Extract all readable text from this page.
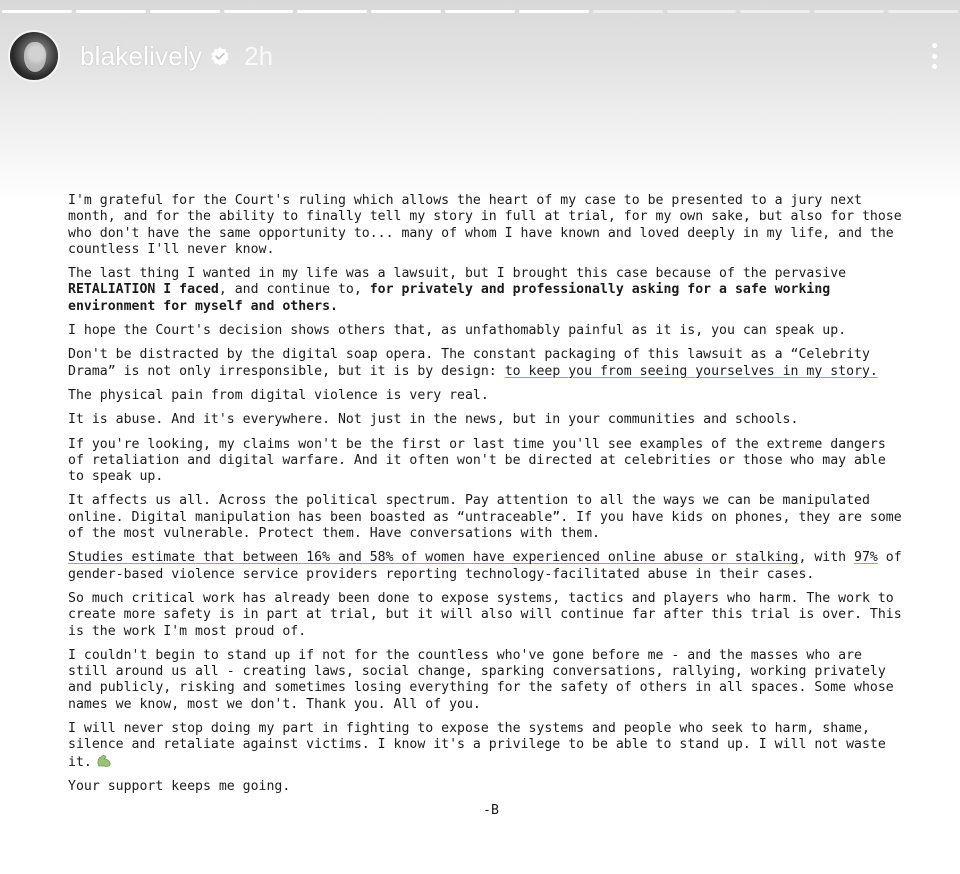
blakelively 2h

I'm grateful for the Court's ruling which allows the heart of my case to be presented to a jury next month, and for the ability to finally tell my story in full at trial, for my own sake, but also for those who don't have the same opportunity to... many of whom I have known and loved deeply in my life, and the countless I'll never know.

The last thing I wanted in my life was a lawsuit, but I brought this case because of the pervasive RETALIATION I faced, and continue to, for privately and professionally asking for a safe working environment for myself and others.

I hope the Court's decision shows others that, as unfathomably painful as it is, you can speak up.

Don't be distracted by the digital soap opera. The constant packaging of this lawsuit as a “Celebrity Drama” is not only irresponsible, but it is by design: to keep you from seeing yourselves in my story.

The physical pain from digital violence is very real.

It is abuse. And it's everywhere. Not just in the news, but in your communities and schools.

If you're looking, my claims won't be the first or last time you'll see examples of the extreme dangers of retaliation and digital warfare. And it often won't be directed at celebrities or those who may able to speak up.

It affects us all. Across the political spectrum. Pay attention to all the ways we can be manipulated online. Digital manipulation has been boasted as “untraceable”. If you have kids on phones, they are some of the most vulnerable. Protect them. Have conversations with them.

Studies estimate that between 16% and 58% of women have experienced online abuse or stalking, with 97% of gender-based violence service providers reporting technology-facilitated abuse in their cases.

So much critical work has already been done to expose systems, tactics and players who harm. The work to create more safety is in part at trial, but it will also will continue far after this trial is over. This is the work I'm most proud of.

I couldn't begin to stand up if not for the countless who've gone before me - and the masses who are still around us all - creating laws, social change, sparking conversations, rallying, working privately and publicly, risking and sometimes losing everything for the safety of others in all spaces. Some whose names we know, most we don't. Thank you. All of you.

I will never stop doing my part in fighting to expose the systems and people who seek to harm, shame, silence and retaliate against victims. I know it's a privilege to be able to stand up. I will not waste it.

Your support keeps me going.

-B
